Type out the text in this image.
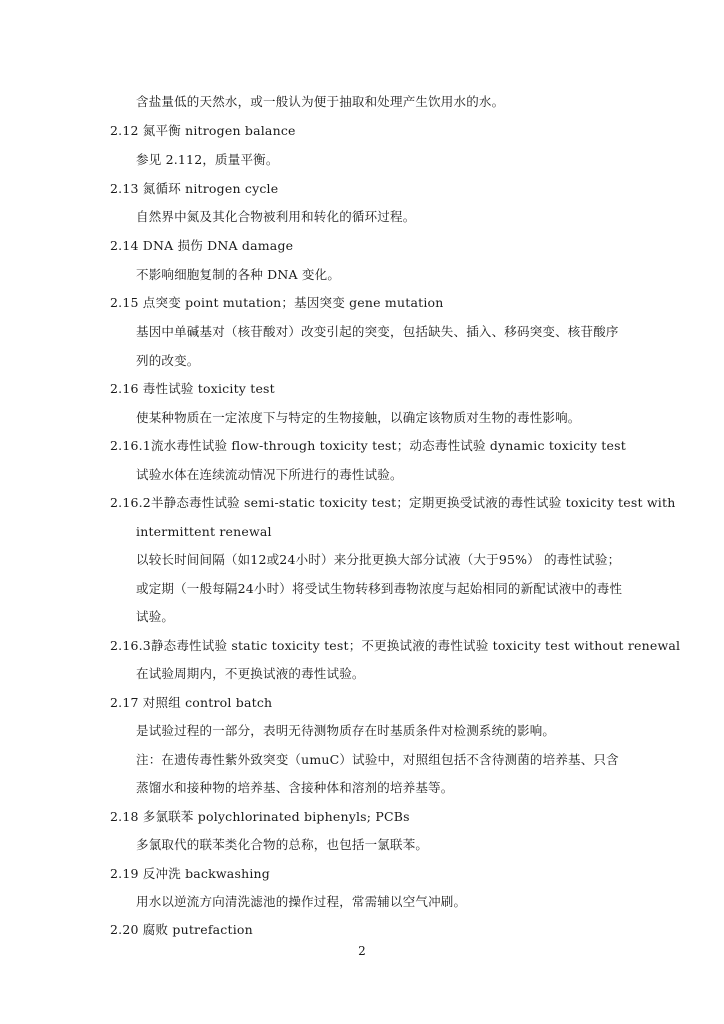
含盐量低的天然水，或一般认为便于抽取和处理产生饮用水的水。
2.12 氮平衡 nitrogen balance
参见 2.112，质量平衡。
2.13 氮循环 nitrogen cycle
自然界中氮及其化合物被利用和转化的循环过程。
2.14 DNA 损伤 DNA damage
不影响细胞复制的各种 DNA 变化。
2.15 点突变 point mutation；基因突变 gene mutation
基因中单碱基对（核苷酸对）改变引起的突变，包括缺失、插入、移码突变、核苷酸序
列的改变。
2.16 毒性试验 toxicity test
使某种物质在一定浓度下与特定的生物接触，以确定该物质对生物的毒性影响。
2.16.1流水毒性试验 flow-through toxicity test；动态毒性试验 dynamic toxicity test
试验水体在连续流动情况下所进行的毒性试验。
2.16.2半静态毒性试验 semi-static toxicity test；定期更换受试液的毒性试验 toxicity test with
intermittent renewal
以较长时间间隔（如12或24小时）来分批更换大部分试液（大于95%） 的毒性试验；
或定期（一般每隔24小时）将受试生物转移到毒物浓度与起始相同的新配试液中的毒性
试验。
2.16.3静态毒性试验 static toxicity test；不更换试液的毒性试验 toxicity test without renewal
在试验周期内，不更换试液的毒性试验。
2.17 对照组 control batch
是试验过程的一部分，表明无待测物质存在时基质条件对检测系统的影响。
注：在遗传毒性紫外致突变（umuC）试验中，对照组包括不含待测菌的培养基、只含
蒸馏水和接种物的培养基、含接种体和溶剂的培养基等。
2.18 多氯联苯 polychlorinated biphenyls; PCBs
多氯取代的联苯类化合物的总称，也包括一氯联苯。
2.19 反冲洗 backwashing
用水以逆流方向清洗滤池的操作过程，常需辅以空气冲刷。
2.20 腐败 putrefaction
2
